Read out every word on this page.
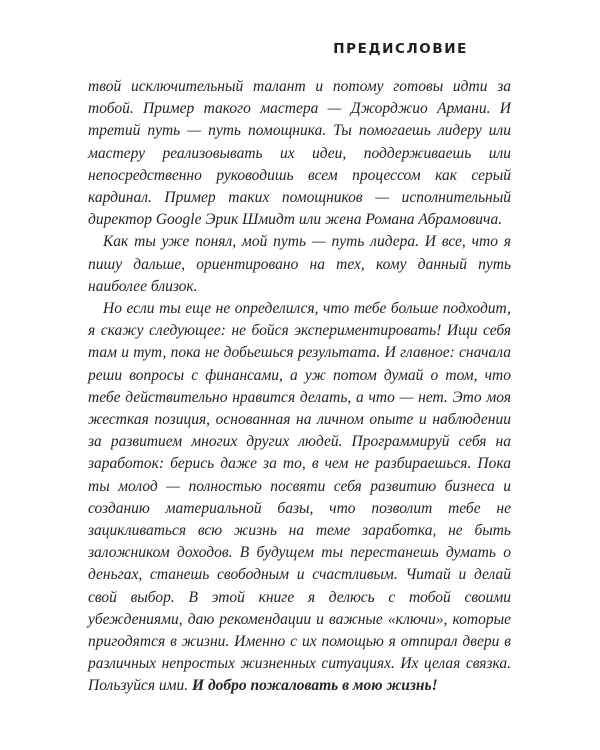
ПРЕДИСЛОВИЕ

твой исключительный талант и потому готовы идти за тобой. Пример такого мастера — Джорджио Армани. И третий путь — путь помощника. Ты помогаешь лидеру или мастеру реализовывать их идеи, поддерживаешь или непосредственно руководишь всем процессом как серый кардинал. Пример таких помощников — исполнительный директор Google Эрик Шмидт или жена Романа Абрамовича.

Как ты уже понял, мой путь — путь лидера. И все, что я пишу дальше, ориентировано на тех, кому данный путь наиболее близок.

Но если ты еще не определился, что тебе больше подходит, я скажу следующее: не бойся экспериментировать! Ищи себя там и тут, пока не добьешься результата. И главное: сначала реши вопросы с финансами, а уж потом думай о том, что тебе действительно нравится делать, а что — нет. Это моя жесткая позиция, основанная на личном опыте и наблюдении за развитием многих других людей. Программируй себя на заработок: берись даже за то, в чем не разбираешься. Пока ты молод — полностью посвяти себя развитию бизнеса и созданию материальной базы, что позволит тебе не зацикливаться всю жизнь на теме заработка, не быть заложником доходов. В будущем ты перестанешь думать о деньгах, станешь свободным и счастливым. Читай и делай свой выбор. В этой книге я делюсь с тобой своими убеждениями, даю рекомендации и важные «ключи», которые пригодятся в жизни. Именно с их помощью я отпирал двери в различных непростых жизненных ситуациях. Их целая связка. Пользуйся ими. И добро пожаловать в мою жизнь!
